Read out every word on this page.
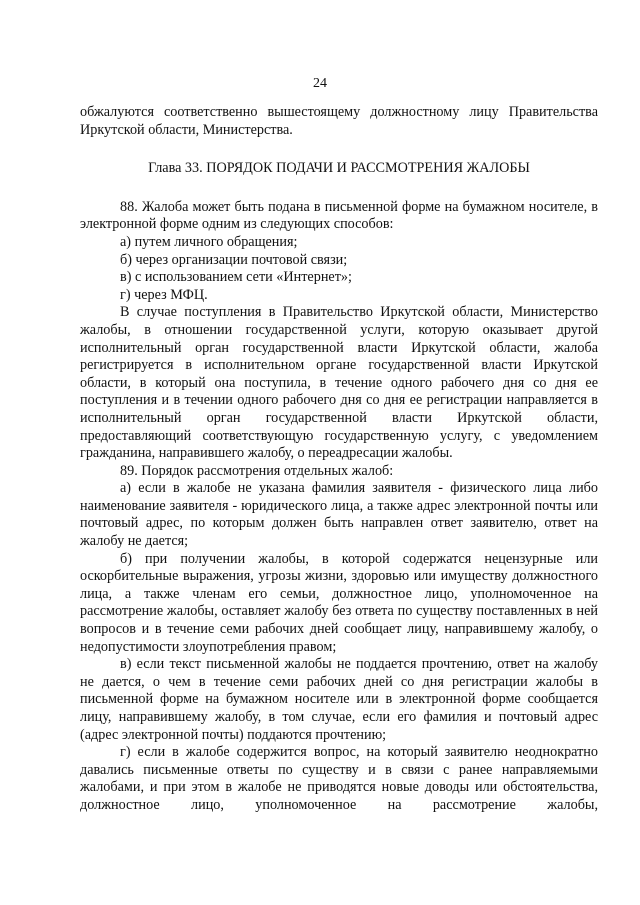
24

обжалуются соответственно вышестоящему должностному лицу Правительства Иркутской области, Министерства.

Глава 33. ПОРЯДОК ПОДАЧИ И РАССМОТРЕНИЯ ЖАЛОБЫ

88. Жалоба может быть подана в письменной форме на бумажном носителе, в электронной форме одним из следующих способов:

а) путем личного обращения;

б) через организации почтовой связи;

в) с использованием сети «Интернет»;

г) через МФЦ.

В случае поступления в Правительство Иркутской области, Министерство жалобы, в отношении государственной услуги, которую оказывает другой исполнительный орган государственной власти Иркутской области, жалоба регистрируется в исполнительном органе государственной власти Иркутской области, в который она поступила, в течение одного рабочего дня со дня ее поступления и в течении одного рабочего дня со дня ее регистрации направляется в исполнительный орган государственной власти Иркутской области, предоставляющий соответствующую государственную услугу, с уведомлением гражданина, направившего жалобу, о переадресации жалобы.

89. Порядок рассмотрения отдельных жалоб:

а) если в жалобе не указана фамилия заявителя - физического лица либо наименование заявителя - юридического лица, а также адрес электронной почты или почтовый адрес, по которым должен быть направлен ответ заявителю, ответ на жалобу не дается;

б) при получении жалобы, в которой содержатся нецензурные или оскорбительные выражения, угрозы жизни, здоровью или имуществу должностного лица, а также членам его семьи, должностное лицо, уполномоченное на рассмотрение жалобы, оставляет жалобу без ответа по существу поставленных в ней вопросов и в течение семи рабочих дней сообщает лицу, направившему жалобу, о недопустимости злоупотребления правом;

в) если текст письменной жалобы не поддается прочтению, ответ на жалобу не дается, о чем в течение семи рабочих дней со дня регистрации жалобы в письменной форме на бумажном носителе или в электронной форме сообщается лицу, направившему жалобу, в том случае, если его фамилия и почтовый адрес (адрес электронной почты) поддаются прочтению;

г) если в жалобе содержится вопрос, на который заявителю неоднократно давались письменные ответы по существу и в связи с ранее направляемыми жалобами, и при этом в жалобе не приводятся новые доводы или обстоятельства, должностное лицо, уполномоченное на рассмотрение жалобы,
